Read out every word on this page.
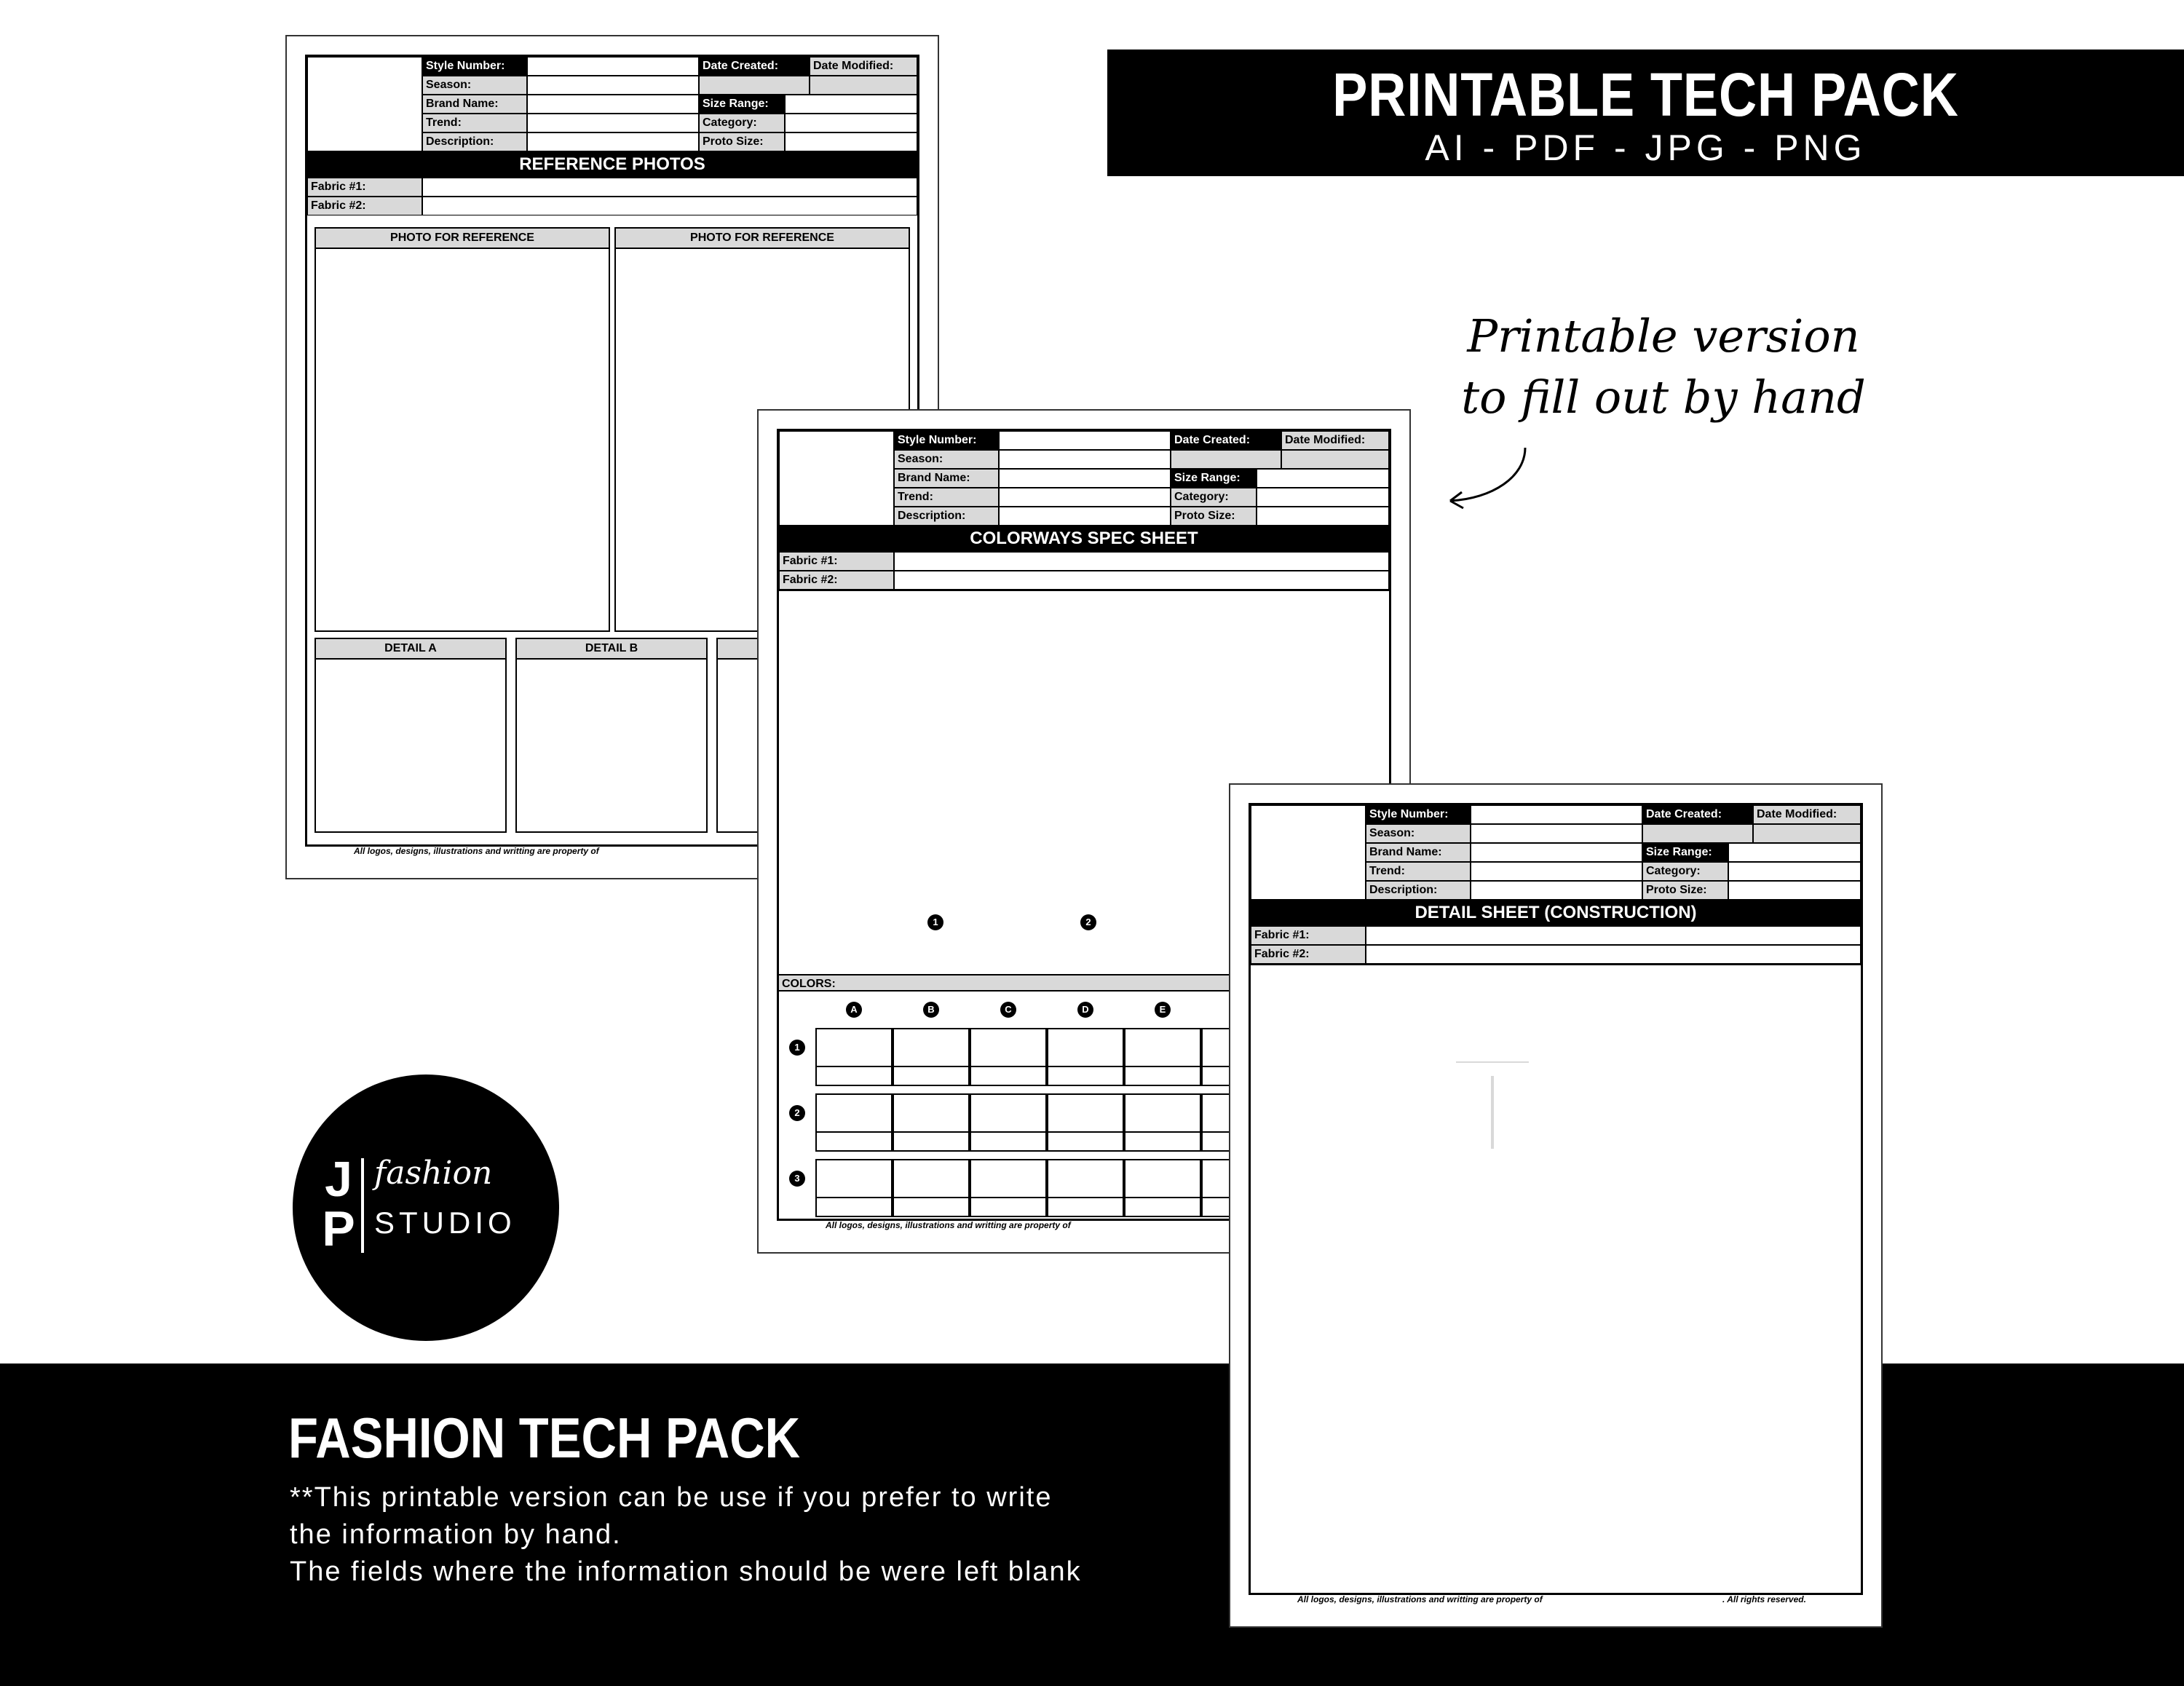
PRINTABLE TECH PACK
AI - PDF - JPG - PNG
Printable version
to fill out by hand
FASHION TECH PACK
**This printable version can be use if you prefer to write
the information by hand.
The fields where the information should be were left blank
J
P
fashion
STUDIO
Style Number:	Date Created:	Date Modified:
Season:
Brand Name:	Size Range:
Trend:	Category:
Description:	Proto Size:
REFERENCE PHOTOS
Fabric #1:
Fabric #2:
PHOTO FOR REFERENCE	PHOTO FOR REFERENCE
DETAIL A	DETAIL B
All logos, designs, illustrations and writting are property of
Style Number:	Date Created:	Date Modified:
Season:
Brand Name:	Size Range:
Trend:	Category:
Description:	Proto Size:
COLORWAYS SPEC SHEET
Fabric #1:
Fabric #2:
1	2
COLORS:
A	B	C	D	E
1
2
3
All logos, designs, illustrations and writting are property of
Style Number:	Date Created:	Date Modified:
Season:
Brand Name:	Size Range:
Trend:	Category:
Description:	Proto Size:
DETAIL SHEET (CONSTRUCTION)
Fabric #1:
Fabric #2:
All logos, designs, illustrations and writting are property of	. All rights reserved.
